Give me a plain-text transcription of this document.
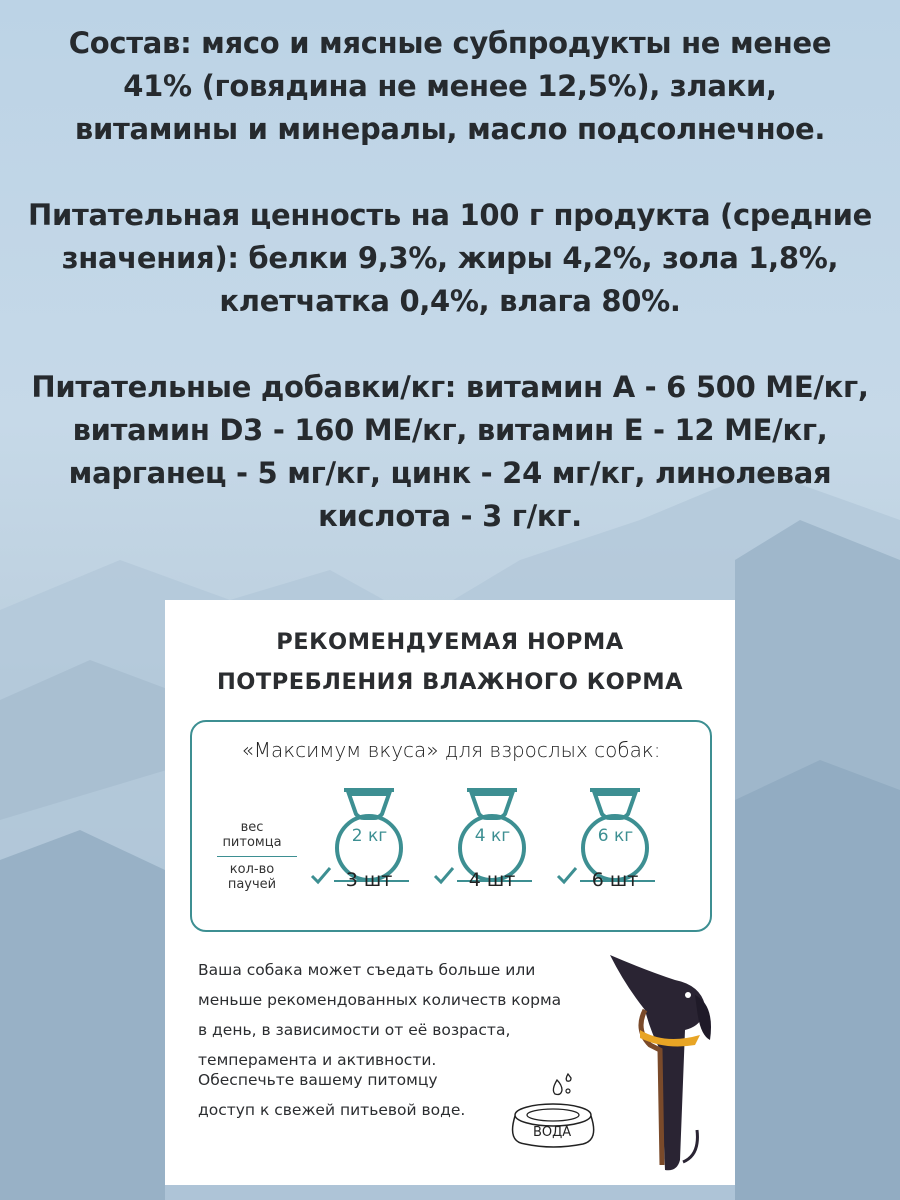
Состав: мясо и мясные субпродукты не менее 41% (говядина не менее 12,5%), злаки, витамины и минералы, масло подсолнечное.

Питательная ценность на 100 г продукта (средние значения): белки 9,3%, жиры 4,2%, зола 1,8%, клетчатка 0,4%, влага 80%.

Питательные добавки/кг: витамин А - 6 500 МЕ/кг, витамин D3 - 160 МЕ/кг, витамин Е - 12 МЕ/кг, марганец - 5 мг/кг, цинк - 24 мг/кг, линолевая кислота - 3 г/кг.

РЕКОМЕНДУЕМАЯ НОРМА
ПОТРЕБЛЕНИЯ ВЛАЖНОГО КОРМА
«Максимум вкуса» для взрослых собак:
вес питомца
кол-во паучей
2 кг
3 шт
4 кг
4 шт
6 кг
6 шт
Ваша собака может съедать больше или меньше рекомендованных количеств корма в день, в зависимости от её возраста, темперамента и активности.
Обеспечьте вашему питомцу доступ к свежей питьевой воде.
ВОДА
